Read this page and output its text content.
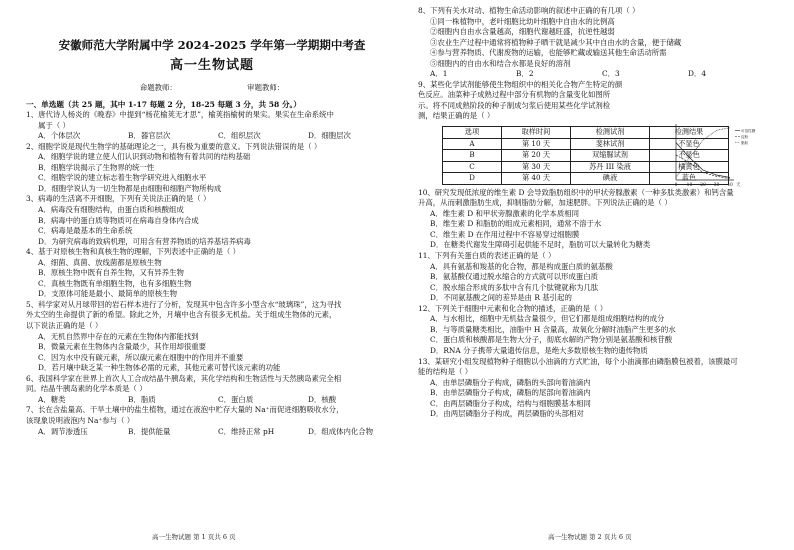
安徽师范大学附属中学 2024-2025 学年第一学期期中考查
高一生物试题
命题教师：	审题教师：
一、单选题（共 25 题，其中 1-17 每题 2 分，18-25 每题 3 分，共 58 分。）
1、唐代诗人杨炎的《晚春》中提到“杨花榆荚无才思”，榆荚指榆树的果实。果实在生命系统中
属于（ ）
A．个体层次	B．器官层次	C．组织层次	D．细胞层次
2、细胞学说是现代生物学的基础理论之一，具有极为重要的意义。下列说法错误的是（ ）
A．细胞学说的建立使人们认识到动物和植物有着共同的结构基础
B．细胞学说揭示了生物界的统一性
C．细胞学说的建立标志着生物学研究进入细胞水平
D．细胞学说认为一切生物都是由细胞和细胞产物所构成
3、病毒的生活离不开细胞，下列有关说法正确的是（ ）
A．病毒没有细胞结构，由蛋白质和核酸组成
B．病毒中的蛋白质等物质可在病毒自身体内合成
C．病毒是最基本的生命系统
D．为研究病毒的致病机理，可用含有营养物质的培养基培养病毒
4、基于对原核生物和真核生物的理解，下列表述中正确的是（ ）
A．细菌、真菌、放线菌都是原核生物
B．原核生物中既有自养生物，又有异养生物
C．真核生物既有单细胞生物，也有多细胞生物
D．支原体可能是最小、最简单的原核生物
5、科学家对从月球带回的岩石样本进行了分析，发现其中包含许多小型含水“玻璃珠”，这为寻找
外太空的生命提供了新的希望。除此之外，月壤中也含有很多无机盐。关于组成生物体的元素，
以下说法正确的是（ ）
A．无机自然界中存在的元素在生物体内都能找到
B．微量元素在生物体内含量最少，其作用却很重要
C．因为水中没有碳元素，所以碳元素在细胞中的作用并不重要
D．若月壤中缺乏某一种生物体必需的元素，其他元素可替代该元素的功能
6、我国科学家在世界上首次人工合成结晶牛胰岛素，其化学结构和生物活性与天然胰岛素完全相
同。结晶牛胰岛素的化学本质是（ ）
A．糖类	B．脂质	C．蛋白质	D．核酸
7、长在含盐量高、干旱土壤中的盐生植物，通过在液泡中贮存大量的 Na⁺而促进细胞吸收水分，
该现象说明液泡内 Na⁺参与（ ）
A．调节渗透压	B．提供能量	C．维持正常 pH	D．组成体内化合物
8、下列有关水对动、植物生命活动影响的叙述中正确的有几项（ ）
①同一株植物中，老叶细胞比幼叶细胞中自由水的比例高
②细胞内自由水含量越高，细胞代谢越旺盛，抗逆性越弱
③农业生产过程中通常将植物种子晒干就是减少其中自由水的含量，便于储藏
④参与营养物质、代谢废物的运输，也能够贮藏或输送其他生命活动所需
⑤细胞内的自由水和结合水都是良好的溶剂
A．1	B．2	C．3	D．4
9、某些化学试剂能够使生物组织中的相关化合物产生特定的颜
色反应。油菜种子成熟过程中部分有机物的含量变化如图所
示。将不同成熟阶段的种子制成匀浆后使用某些化学试剂检
测，结果正确的是（ ）
选项	取样时间	检测试剂	检测结果
A	第 10 天	斐林试剂	不显色
B	第 20 天	双缩脲试剂	不显色
C	第 30 天	苏丹 III 染液	橘黄色
D	第 40 天	碘液	蓝色
10、研究发现低浓度的维生素 D 会导致脂肪组织中的甲状旁腺激素（一种多肽类激素）和钙含量
升高，从而刺激脂肪生成，抑制脂肪分解，加速肥胖。下列说法正确的是（ ）
A．维生素 D 和甲状旁腺激素的化学本质相同
B．维生素 D 和脂肪的组成元素相同，通常不溶于水
C．维生素 D 在作用过程中不容易穿过细胞膜
D．在糖类代谢发生障碍引起供能不足时，脂肪可以大量转化为糖类
11、下列有关蛋白质的表述正确的是（ ）
A．具有氨基和羧基的化合物，都是构成蛋白质的氨基酸
B．氨基酸仅通过脱水缩合的方式就可以形成蛋白质
C．脱水缩合形成的多肽中含有几个肽键就称为几肽
D．不同氨基酸之间的差异是由 R 基引起的
12、下列关于细胞中元素和化合物的描述，正确的是（ ）
A．与水相比，细胞中无机盐含量很少，但它们都是组成细胞结构的成分
B．与等质量糖类相比，油脂中 H 含量高，故氧化分解时油脂产生更多的水
C．蛋白质和核酸都是生物大分子，彻底水解的产物分别是氨基酸和核苷酸
D．RNA 分子携带大量遗传信息，是绝大多数原核生物的遗传物质
13、某研究小组发现植物种子细胞以小油滴的方式贮油，每个小油滴都由磷脂膜包被着，该膜最可
能的结构是（ ）
A．由单层磷脂分子构成，磷脂的头部向着油滴内
B．由单层磷脂分子构成，磷脂的尾部向着油滴内
C．由两层磷脂分子构成，结构与细胞膜基本相同
D．由两层磷脂分子构成，两层磷脂的头部相对
0 10 20 30 40 天
可溶性糖
淀粉
脂肪
高一生物试题 第 1 页共 6 页	高一生物试题 第 2 页共 6 页
